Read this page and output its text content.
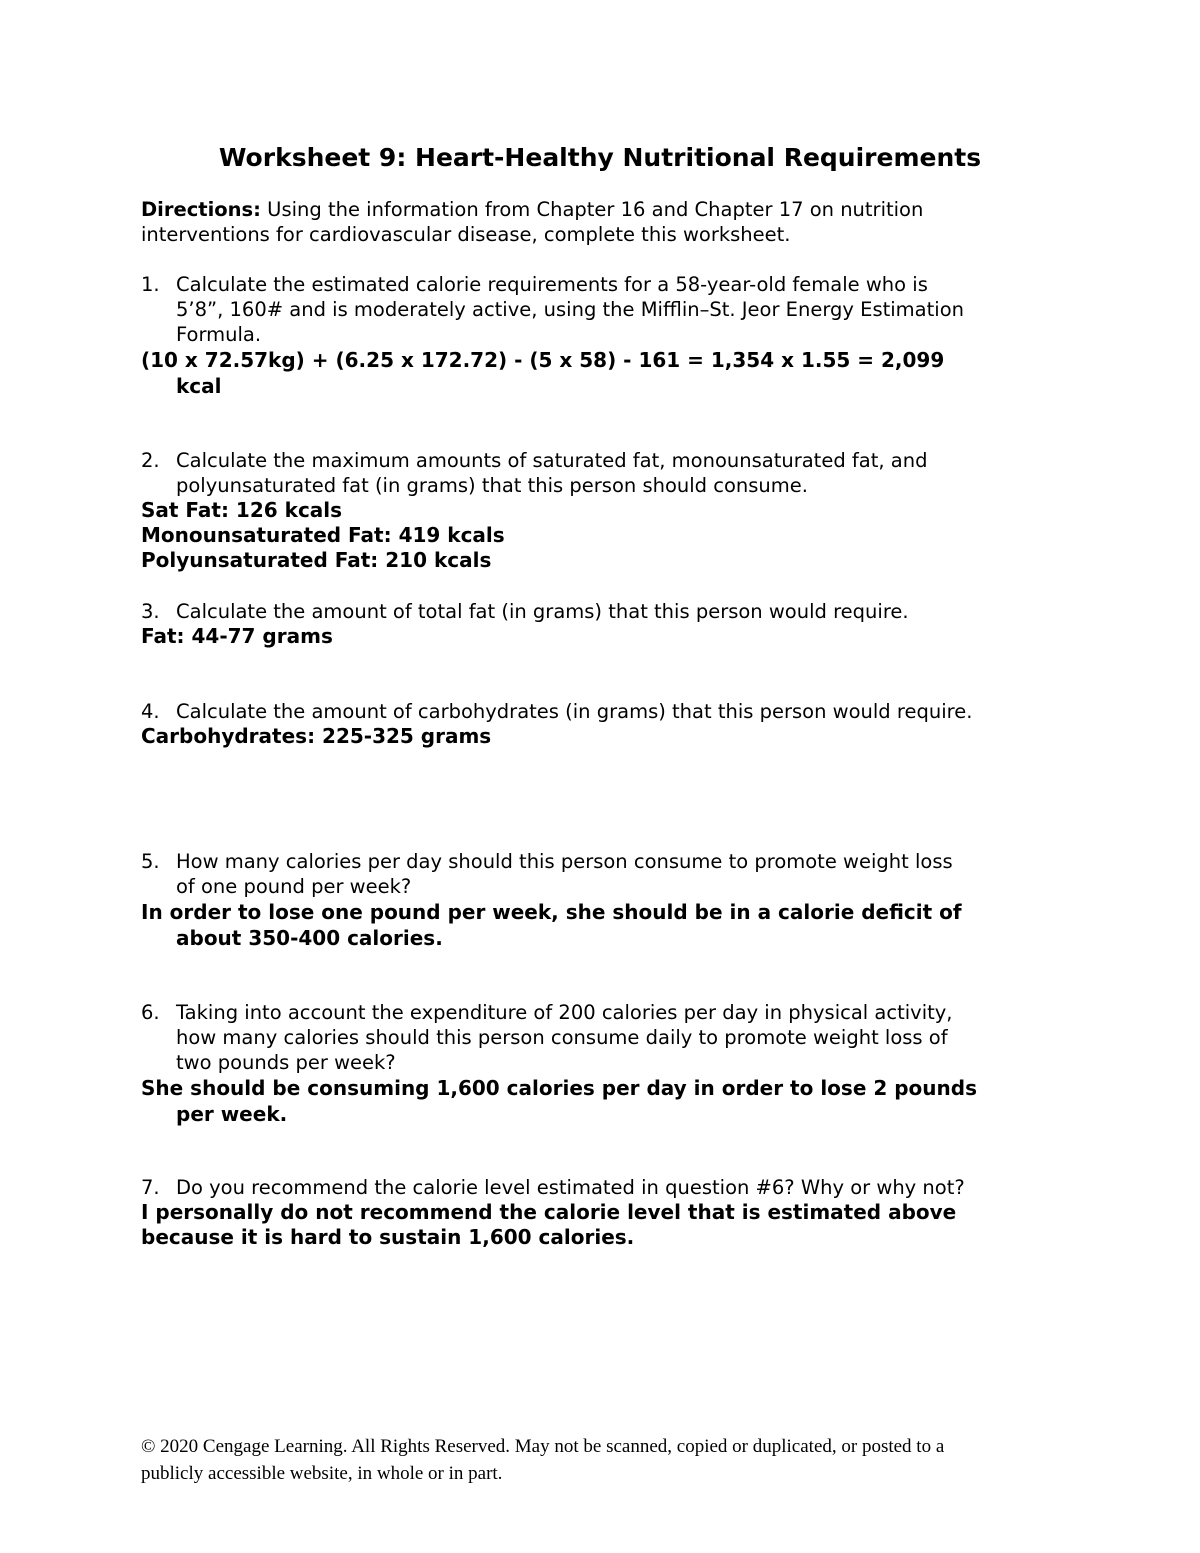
Worksheet 9: Heart-Healthy Nutritional Requirements
Directions: Using the information from Chapter 16 and Chapter 17 on nutrition
interventions for cardiovascular disease, complete this worksheet.
1. Calculate the estimated calorie requirements for a 58-year-old female who is
5’8”, 160# and is moderately active, using the Mifflin–St. Jeor Energy Estimation
Formula.
(10 x 72.57kg) + (6.25 x 172.72) - (5 x 58) - 161 = 1,354 x 1.55 = 2,099
kcal
2. Calculate the maximum amounts of saturated fat, monounsaturated fat, and
polyunsaturated fat (in grams) that this person should consume.
Sat Fat: 126 kcals
Monounsaturated Fat: 419 kcals
Polyunsaturated Fat: 210 kcals
3. Calculate the amount of total fat (in grams) that this person would require.
Fat: 44-77 grams
4. Calculate the amount of carbohydrates (in grams) that this person would require.
Carbohydrates: 225-325 grams
5. How many calories per day should this person consume to promote weight loss
of one pound per week?
In order to lose one pound per week, she should be in a calorie deficit of
about 350-400 calories.
6. Taking into account the expenditure of 200 calories per day in physical activity,
how many calories should this person consume daily to promote weight loss of
two pounds per week?
She should be consuming 1,600 calories per day in order to lose 2 pounds
per week.
7. Do you recommend the calorie level estimated in question #6? Why or why not?
I personally do not recommend the calorie level that is estimated above
because it is hard to sustain 1,600 calories.
© 2020 Cengage Learning. All Rights Reserved. May not be scanned, copied or duplicated, or posted to a
publicly accessible website, in whole or in part.
